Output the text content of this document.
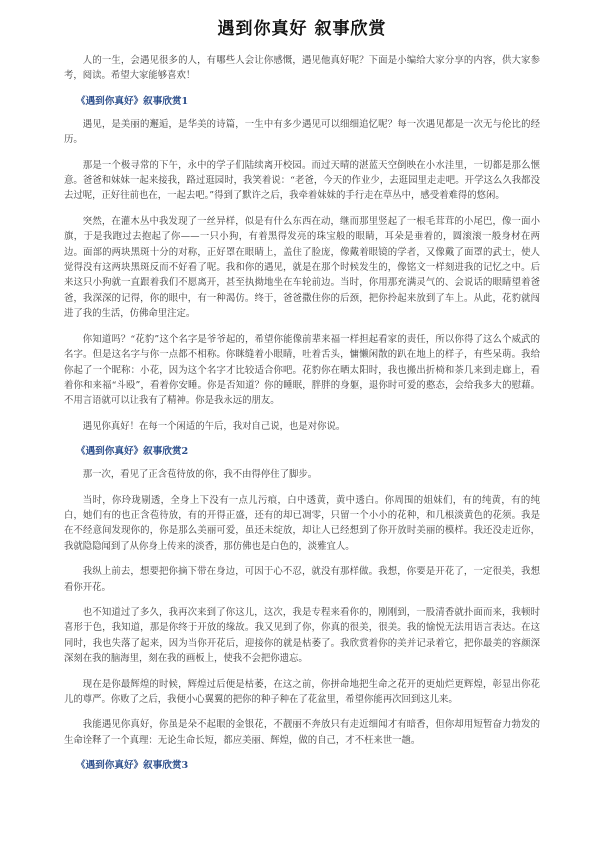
遇到你真好 叙事欣赏

人的一生，会遇见很多的人，有哪些人会让你感慨，遇见他真好呢？下面是小编给大家分享的内容，供大家参考，阅读。希望大家能够喜欢！

《遇到你真好》叙事欣赏1

遇见，是美丽的邂逅，是华美的诗篇，一生中有多少遇见可以细细追忆呢？每一次遇见都是一次无与伦比的经历。

那是一个极寻常的下午，永中的学子们陆续离开校园。而过天晴的湛蓝天空倒映在小水洼里，一切都是那么惬意。爸爸和妹妹一起来接我，路过逛园时，我笑着说：“老爸，今天的作业少，去逛园里走走吧。开学这么久我都没去过呢，正好往前也在，一起去吧。”得到了默许之后，我牵着妹妹的手行走在草丛中，感受着难得的悠闲。

突然，在灌木丛中我发现了一丝异样，似是有什么东西在动，继而那里竖起了一根毛茸茸的小尾巴，像一面小旗，于是我跑过去抱起了你——一只小狗，有着黑得发亮的珠宝般的眼睛，耳朵是垂着的，圆滚滚一般身材在两边。面部的两块黑斑十分的对称，正好罩在眼睛上，盖住了脸庞，像戴着眼镜的学者，又像戴了面罩的武士，使人觉得没有这两块黑斑反而不好看了呢。我和你的遇见，就是在那个时候发生的，像铭文一样刻进我的记忆之中。后来这只小狗就一直跟着我们不愿离开，甚至执拗地坐在车轮前边。当时，你用那充满灵气的、会说话的眼睛望着爸爸，我深深的记得，你的眼中，有一种渴仿。终于，爸爸撒住你的后颈，把你拎起来放到了车上。从此，花豹就闯进了我的生活，仿佛命里注定。

你知道吗？“花豹”这个名字是爷爷起的，希望你能像前辈来福一样担起看家的责任，所以你得了这么个威武的名字。但是这名字与你一点都不相称。你眯缝着小眼睛，吐着舌头，慵懒闲散的趴在地上的样子，有些呆萌。我给你起了一个昵称：小花，因为这个名字才比较适合你吧。花豹你在晒太阳时，我也搬出折椅和茶几来到走廊上，看着你和来福“斗殴”，看着你安睡。你是否知道？你的睡眠，胖胖的身躯，退你时可爱的憨态，会给我多大的慰藉。不用言语就可以让我有了精神。你是我永远的朋友。

遇见你真好！在每一个闲适的午后，我对自己说，也是对你说。

《遇到你真好》叙事欣赏2

那一次，看见了正含苞待放的你，我不由得停住了脚步。

当时，你玲珑剔透，全身上下没有一点儿污痕，白中透黄，黄中透白。你周围的姐妹们，有的纯黄，有的纯白，她们有的也正含苞待放，有的开得正盛，还有的却已凋零，只留一个小小的花种，和几根淡黄色的花须。我是在不经意间发现你的，你是那么美丽可爱，虽还未绽放，却让人已经想到了你开放时美丽的模样。我还没走近你，我就隐隐闻到了从你身上传来的淡香，那仿佛也是白色的，淡雅宜人。

我纵上前去，想要把你摘下带在身边，可因于心不忍，就没有那样做。我想，你要是开花了，一定很美，我想看你开花。

也不知道过了多久，我再次来到了你这儿，这次，我是专程来看你的，刚刚到，一股清香就扑面而来，我顿时喜形于色，我知道，那是你终于开放的缘故。我又见到了你，你真的很美，很美。我的愉悦无法用语言表达。在这同时，我也失落了起来，因为当你开花后，迎接你的就是枯萎了。我欣赏着你的美并记录着它，把你最美的容颜深深刻在我的脑海里，刻在我的画板上，使我不会把你遗忘。

现在是你最辉煌的时候，辉煌过后便是枯萎，在这之前，你拼命地把生命之花开的更灿烂更辉煌，彰显出你花儿的尊严。你败了之后，我便小心翼翼的把你的种子种在了花盆里，希望你能再次回到这儿来。

我能遇见你真好，你虽是朵不起眼的金银花，不靓丽不奔放只有走近细闻才有暗香，但你却用短暂奋力勃发的生命诠释了一个真理：无论生命长短，都应美丽、辉煌，做的自己，才不枉来世一趟。

《遇到你真好》叙事欣赏3
